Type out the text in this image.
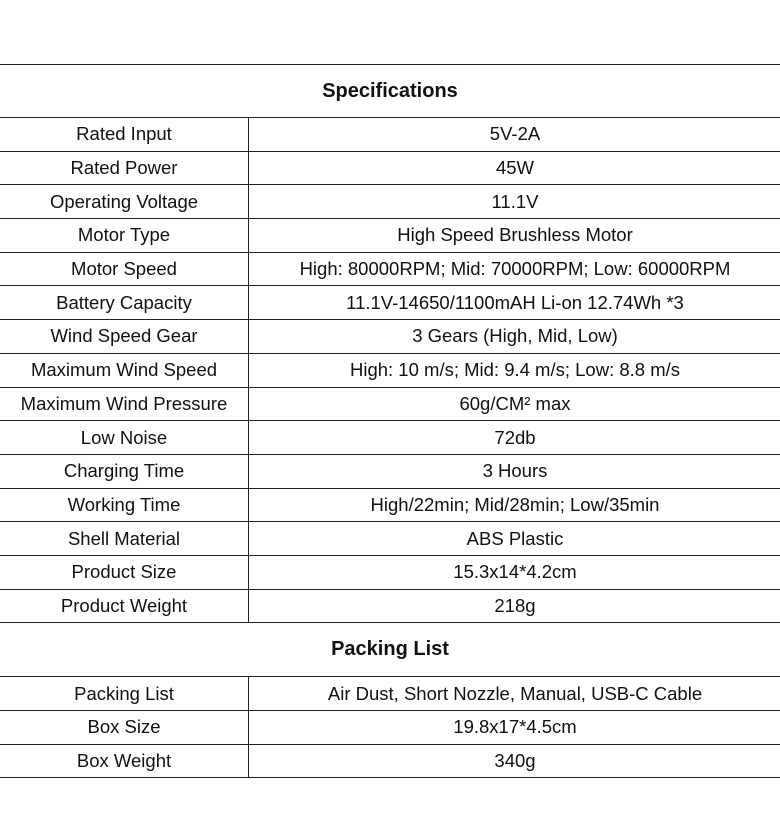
Specifications
Rated Input	5V-2A
Rated Power	45W
Operating Voltage	11.1V
Motor Type	High Speed Brushless Motor
Motor Speed	High: 80000RPM; Mid: 70000RPM; Low: 60000RPM
Battery Capacity	11.1V-14650/1100mAH Li-on 12.74Wh *3
Wind Speed Gear	3 Gears (High, Mid, Low)
Maximum Wind Speed	High: 10 m/s; Mid: 9.4 m/s; Low: 8.8 m/s
Maximum Wind Pressure	60g/CM² max
Low Noise	72db
Charging Time	3 Hours
Working Time	High/22min; Mid/28min; Low/35min
Shell Material	ABS Plastic
Product Size	15.3x14*4.2cm
Product Weight	218g
Packing List
Packing List	Air Dust, Short Nozzle, Manual, USB-C Cable
Box Size	19.8x17*4.5cm
Box Weight	340g
